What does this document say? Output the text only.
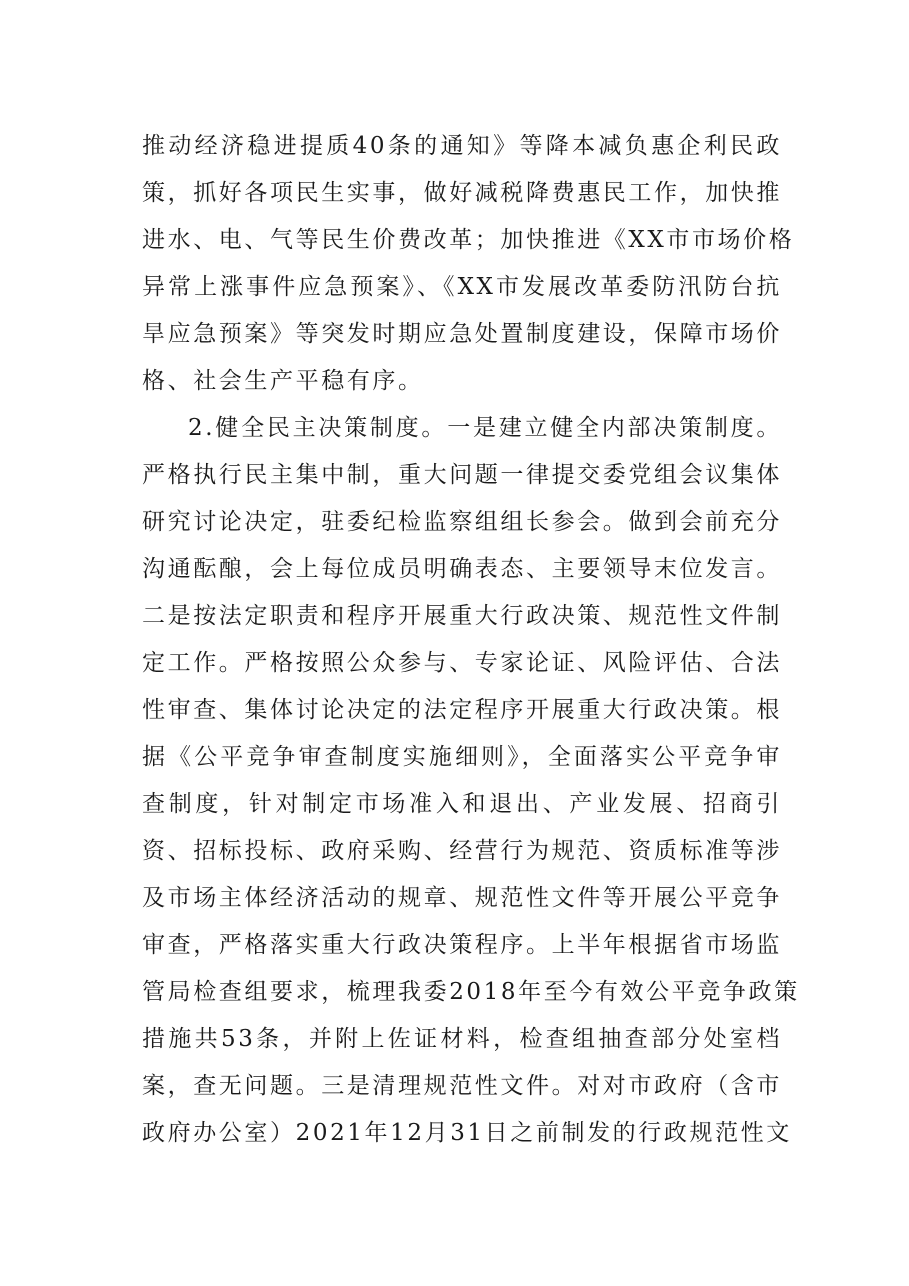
推动经济稳进提质40条的通知》等降本减负惠企利民政
策，抓好各项民生实事，做好减税降费惠民工作，加快推
进水、电、气等民生价费改革；加快推进《XX市市场价格
异常上涨事件应急预案》、《XX市发展改革委防汛防台抗
旱应急预案》等突发时期应急处置制度建设，保障市场价
格、社会生产平稳有序。
2.健全民主决策制度。一是建立健全内部决策制度。
严格执行民主集中制，重大问题一律提交委党组会议集体
研究讨论决定，驻委纪检监察组组长参会。做到会前充分
沟通酝酿，会上每位成员明确表态、主要领导末位发言。
二是按法定职责和程序开展重大行政决策、规范性文件制
定工作。严格按照公众参与、专家论证、风险评估、合法
性审查、集体讨论决定的法定程序开展重大行政决策。根
据《公平竞争审查制度实施细则》，全面落实公平竞争审
查制度，针对制定市场准入和退出、产业发展、招商引
资、招标投标、政府采购、经营行为规范、资质标准等涉
及市场主体经济活动的规章、规范性文件等开展公平竞争
审查，严格落实重大行政决策程序。上半年根据省市场监
管局检查组要求，梳理我委2018年至今有效公平竞争政策
措施共53条，并附上佐证材料，检查组抽查部分处室档
案，查无问题。三是清理规范性文件。对对市政府（含市
政府办公室）2021年12月31日之前制发的行政规范性文
